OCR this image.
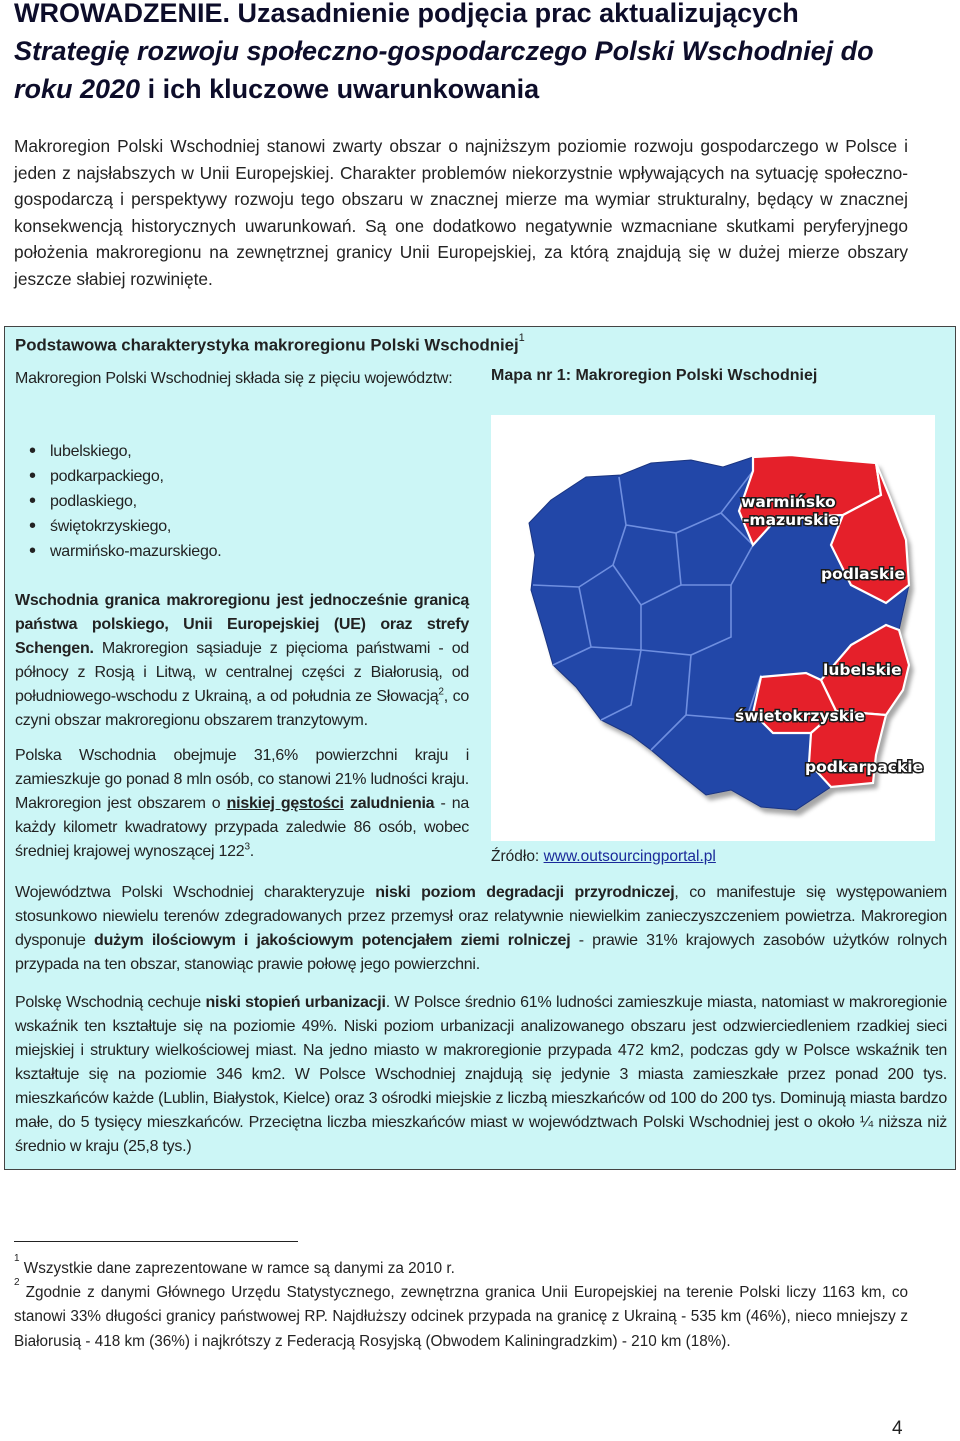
WROWADZENIE. Uzasadnienie podjęcia prac aktualizujących Strategię rozwoju społeczno-gospodarczego Polski Wschodniej do roku 2020 i ich kluczowe uwarunkowania
Makroregion Polski Wschodniej stanowi zwarty obszar o najniższym poziomie rozwoju gospodarczego w Polsce i jeden z najsłabszych w Unii Europejskiej. Charakter problemów niekorzystnie wpływających na sytuację społeczno-gospodarczą i perspektywy rozwoju tego obszaru w znacznej mierze ma wymiar strukturalny, będący w znacznej konsekwencją historycznych uwarunkowań. Są one dodatkowo negatywnie wzmacniane skutkami peryferyjnego położenia makroregionu na zewnętrznej granicy Unii Europejskiej, za którą znajdują się w dużej mierze obszary jeszcze słabiej rozwinięte.
Podstawowa charakterystyka makroregionu Polski Wschodniej$^1$
Makroregion Polski Wschodniej składa się z pięciu województw:
• lubelskiego,
• podkarpackiego,
• podlaskiego,
• świętokrzyskiego,
• warmińsko-mazurskiego.
Wschodnia granica makroregionu jest jednocześnie granicą państwa polskiego, Unii Europejskiej (UE) oraz strefy Schengen. Makroregion sąsiaduje z pięcioma państwami - od północy z Rosją i Litwą, w centralnej części z Białorusią, od południowego-wschodu z Ukrainą, a od południa ze Słowacją$^2$, co czyni obszar makroregionu obszarem tranzytowym.
Polska Wschodnia obejmuje 31,6% powierzchni kraju i zamieszkuje go ponad 8 mln osób, co stanowi 21% ludności kraju. Makroregion jest obszarem o niskiej gęstości zaludnienia - na każdy kilometr kwadratowy przypada zaledwie 86 osób, wobec średniej krajowej wynoszącej $122^3$.
Mapa nr 1: Makroregion Polski Wschodniej
warmińsko
-mazurskie
podlaskie
lubelskie
świetokrzyskie
podkarpackie
Źródło: www.outsourcingportal.pl
Województwa Polski Wschodniej charakteryzuje niski poziom degradacji przyrodniczej, co manifestuje się występowaniem stosunkowo niewielu terenów zdegradowanych przez przemysł oraz relatywnie niewielkim zanieczyszczeniem powietrza. Makroregion dysponuje dużym ilościowym i jakościowym potencjałem ziemi rolniczej - prawie 31% krajowych zasobów użytków rolnych przypada na ten obszar, stanowiąc prawie połowę jego powierzchni.
Polskę Wschodnią cechuje niski stopień urbanizacji. W Polsce średnio 61% ludności zamieszkuje miasta, natomiast w makroregionie wskaźnik ten kształtuje się na poziomie 49%. Niski poziom urbanizacji analizowanego obszaru jest odzwierciedleniem rzadkiej sieci miejskiej i struktury wielkościowej miast. Na jedno miasto w makroregionie przypada 472 km2, podczas gdy w Polsce wskaźnik ten kształtuje się na poziomie 346 km2. W Polsce Wschodniej znajdują się jedynie 3 miasta zamieszkałe przez ponad 200 tys. mieszkańców każde (Lublin, Białystok, Kielce) oraz 3 ośrodki miejskie z liczbą mieszkańców od 100 do 200 tys. Dominują miasta bardzo małe, do 5 tysięcy mieszkańców. Przeciętna liczba mieszkańców miast w województwach Polski Wschodniej jest o około ¼ niższa niż średnio w kraju (25,8 tys.)
$^1$ Wszystkie dane zaprezentowane w ramce są danymi za 2010 r.
$^2$ Zgodnie z danymi Głównego Urzędu Statystycznego, zewnętrzna granica Unii Europejskiej na terenie Polski liczy 1163 km, co stanowi 33% długości granicy państwowej RP. Najdłuższy odcinek przypada na granicę z Ukrainą - 535 km (46%), nieco mniejszy z Białorusią - 418 km (36%) i najkrótszy z Federacją Rosyjską (Obwodem Kaliningradzkim) - 210 km (18%).
4
